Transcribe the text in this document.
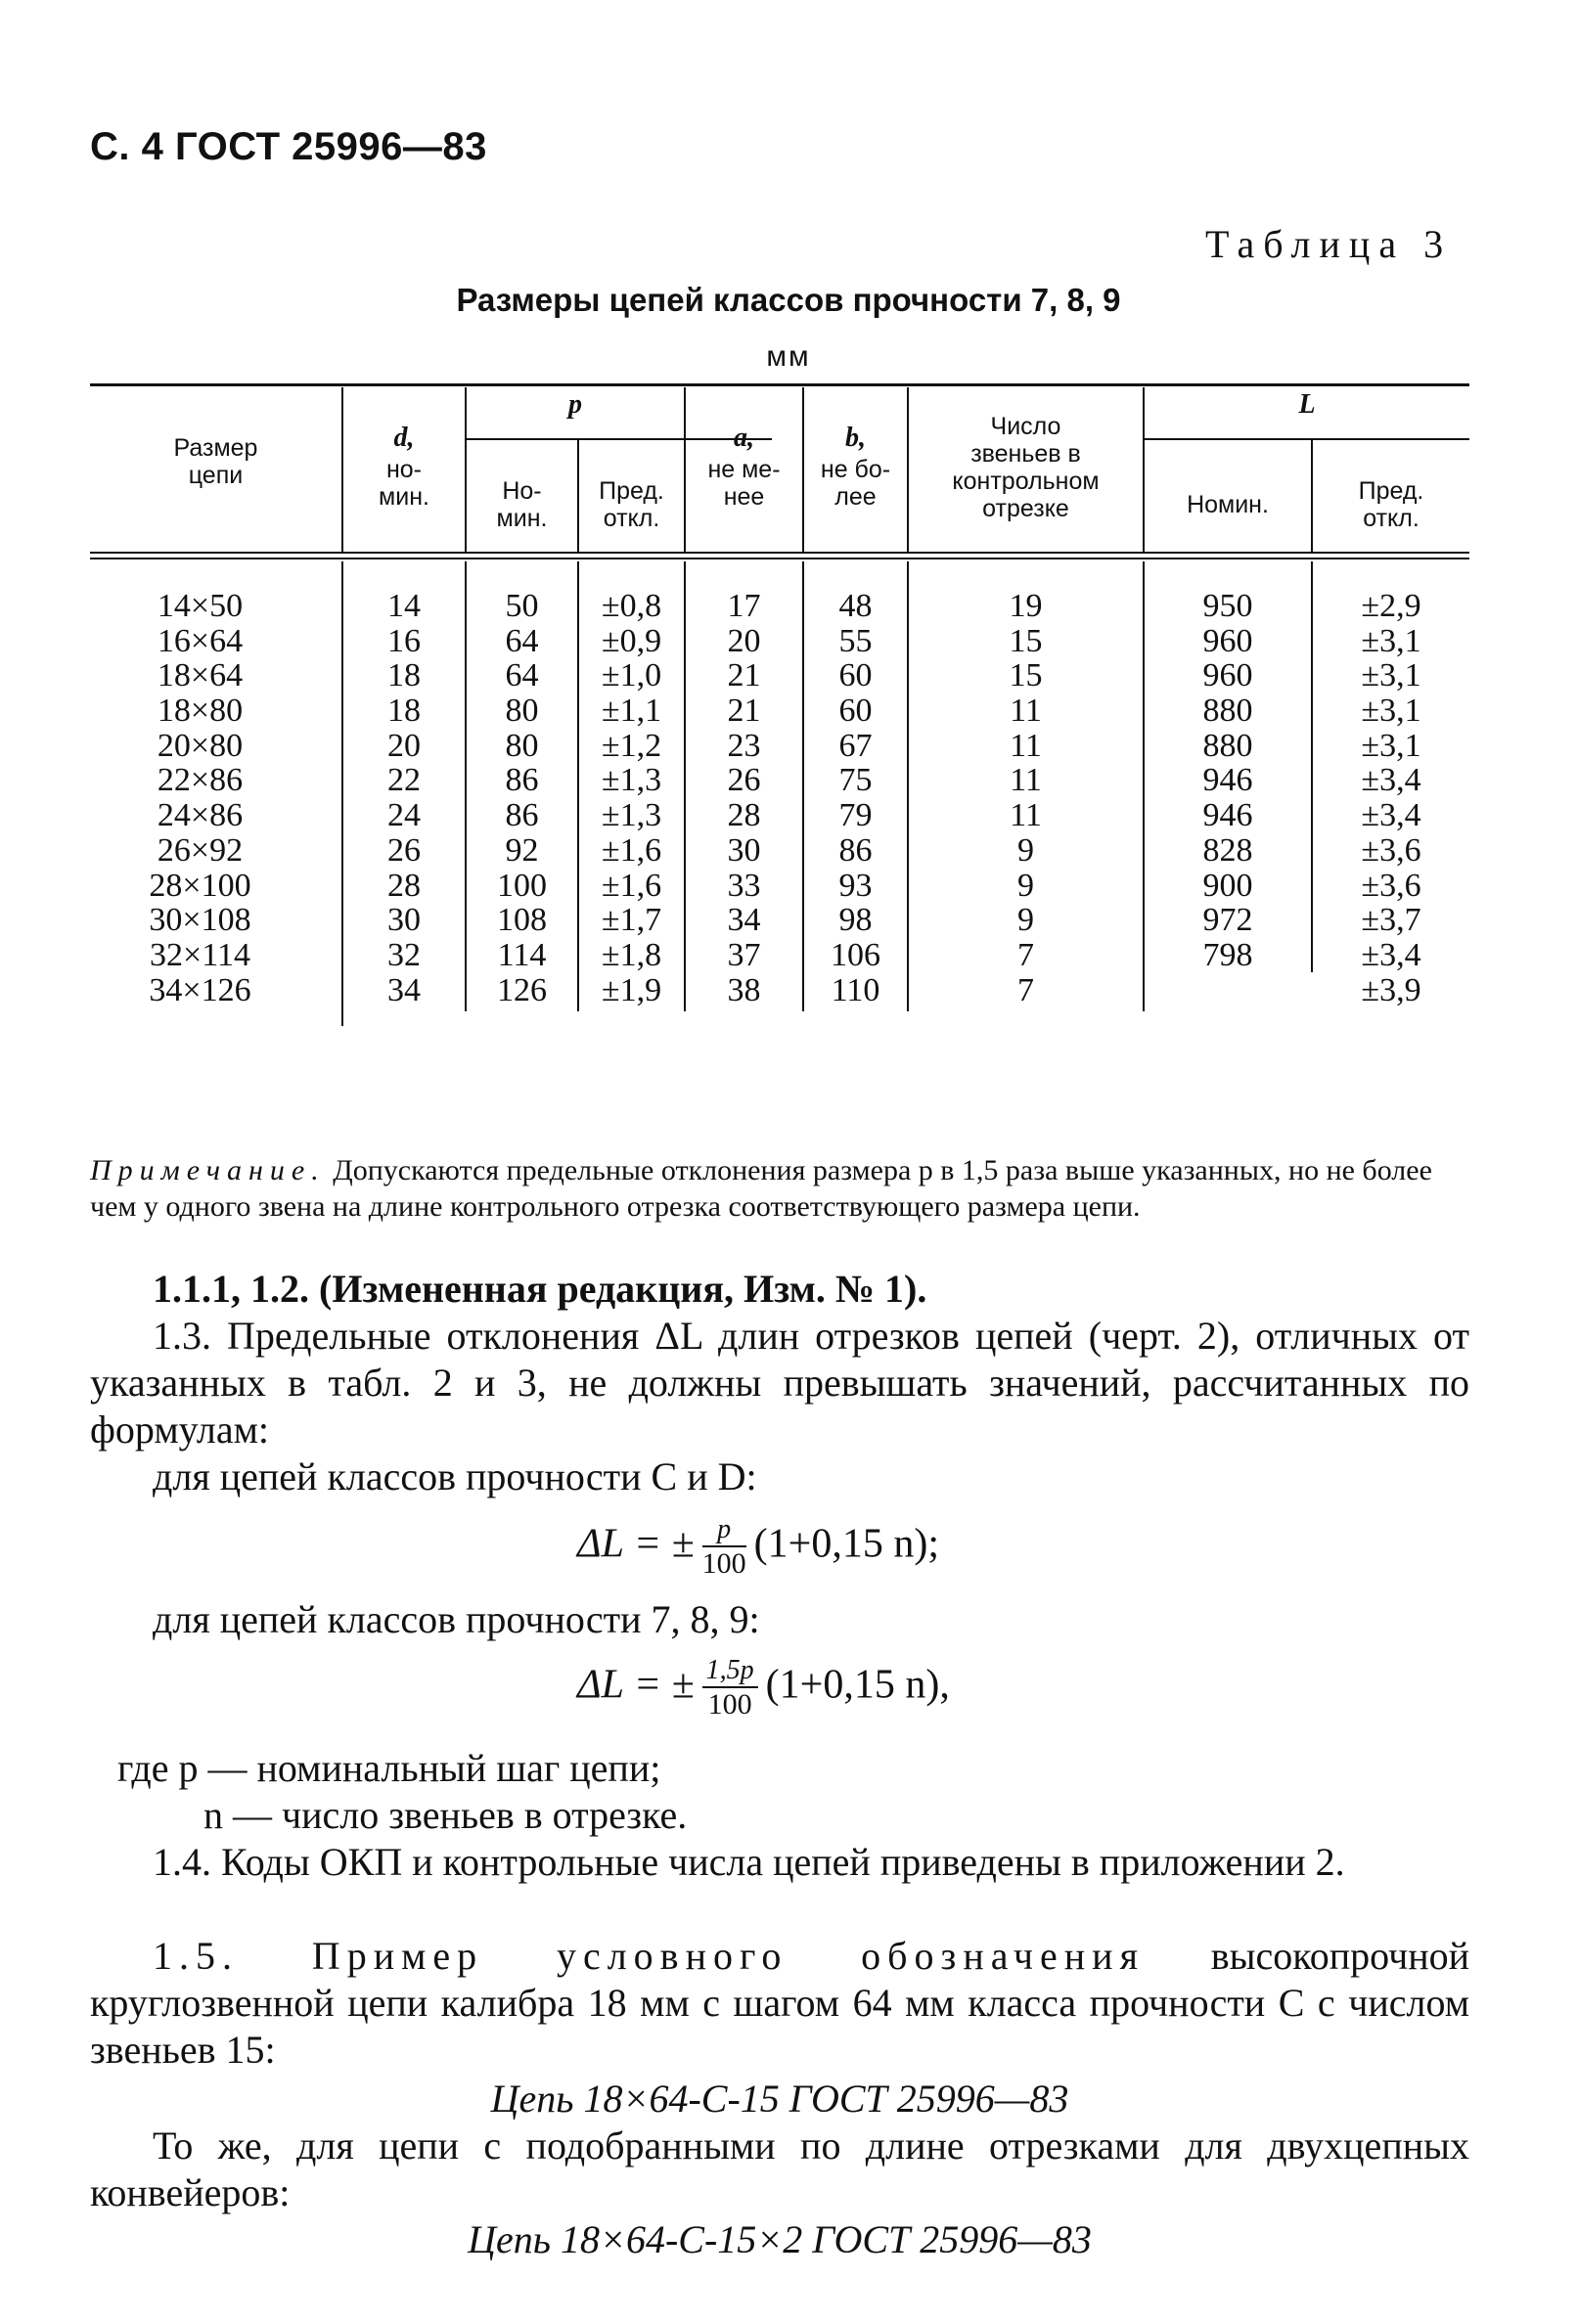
С. 4 ГОСТ 25996—83
Таблица 3
Размеры цепей классов прочности 7, 8, 9
мм
Размер
цепи
d,
но-
мин.
p
Но-
мин.
Пред.
откл.
a,
не ме-
нее
b,
не бо-
лее
Число
звеньев в
контрольном
отрезке
L
Номин.	Пред.
откл.
14×50
16×64
18×64
18×80
20×80
22×86
24×86
26×92
28×100
30×108
32×114
34×126
14
16
18
18
20
22
24
26
28
30
32
34
50
64
64
80
80
86
86
92
100
108
114
126
±0,8
±0,9
±1,0
±1,1
±1,2
±1,3
±1,3
±1,6
±1,6
±1,7
±1,8
±1,9
17
20
21
21
23
26
28
30
33
34
37
38
48
55
60
60
67
75
79
86
93
98
106
110
19
15
15
11
11
11
11
9
9
9
7
7
950
960
960
880
880
946
946
828
900
972
798
±2,9
±3,1
±3,1
±3,1
±3,1
±3,4
±3,4
±3,6
±3,6
±3,7
±3,4
±3,9
Примечание. Допускаются предельные отклонения размера p в 1,5 раза выше указанных, но не более чем у одного звена на длине контрольного отрезка соответствующего размера цепи.
1.1.1, 1.2. (Измененная редакция, Изм. № 1).
1.3. Предельные отклонения ΔL длин отрезков цепей (черт. 2), отличных от указанных в табл. 2 и 3, не должны превышать значений, рассчитанных по формулам:
для цепей классов прочности С и D:
ΔL = ± $\frac{p}{100} (1+0,15$ n);
для цепей классов прочности 7, 8, 9:
ΔL = ± $\frac{1,5p}{100} (1+0,15$ n),
где p — номинальный шаг цепи;
n — число звеньев в отрезке.
1.4. Коды ОКП и контрольные числа цепей приведены в приложении 2.
1.5. Пример условного обозначения высокопрочной круглозвенной цепи калибра 18 мм с шагом 64 мм класса прочности С с числом звеньев 15:
Цепь 18×64-С-15 ГОСТ 25996—83
То же, для цепи с подобранными по длине отрезками для двухцепных конвейеров:
Цепь 18×64-С-15×2 ГОСТ 25996—83
